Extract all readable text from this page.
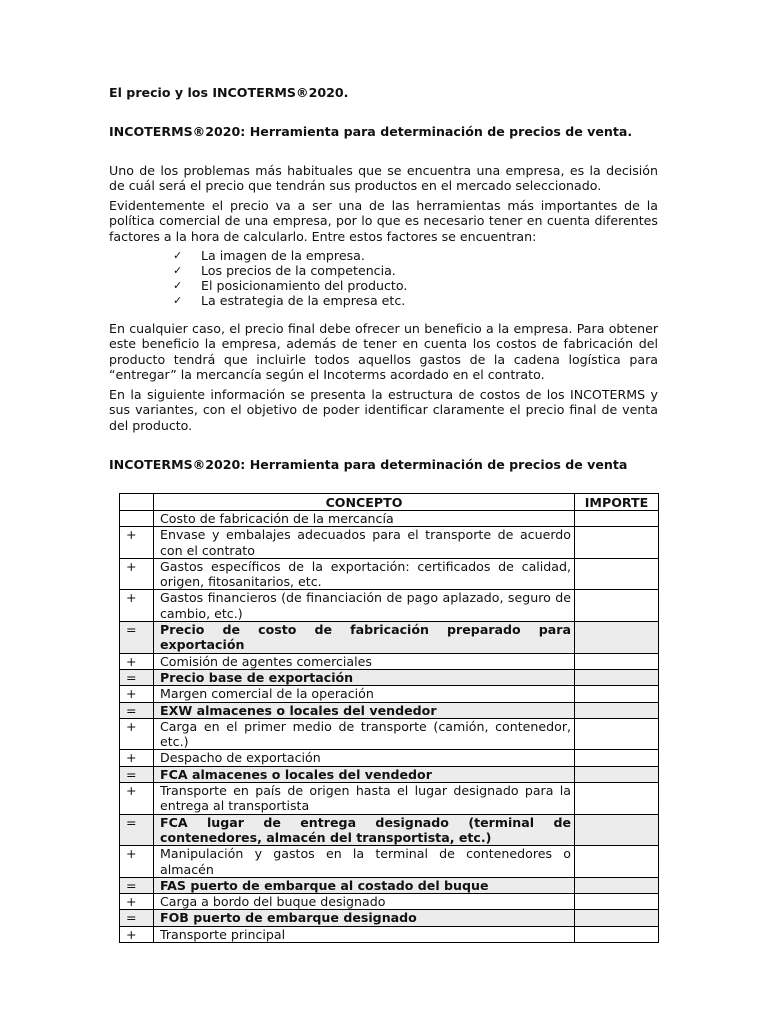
El precio y los INCOTERMS®2020.
INCOTERMS®2020: Herramienta para determinación de precios de venta.
Uno de los problemas más habituales que se encuentra una empresa, es la decisión de cuál será el precio que tendrán sus productos en el mercado seleccionado.
Evidentemente el precio va a ser una de las herramientas más importantes de la política comercial de una empresa, por lo que es necesario tener en cuenta diferentes factores a la hora de calcularlo. Entre estos factores se encuentran:
✓ La imagen de la empresa.
✓ Los precios de la competencia.
✓ El posicionamiento del producto.
✓ La estrategia de la empresa etc.
En cualquier caso, el precio final debe ofrecer un beneficio a la empresa. Para obtener este beneficio la empresa, además de tener en cuenta los costos de fabricación del producto tendrá que incluirle todos aquellos gastos de la cadena logística para “entregar” la mercancía según el Incoterms acordado en el contrato.
En la siguiente información se presenta la estructura de costos de los INCOTERMS y sus variantes, con el objetivo de poder identificar claramente el precio final de venta del producto.
INCOTERMS®2020: Herramienta para determinación de precios de venta
	CONCEPTO	IMPORTE
	Costo de fabricación de la mercancía	
+	Envase y embalajes adecuados para el transporte de acuerdo con el contrato	
+	Gastos específicos de la exportación: certificados de calidad, origen, fitosanitarios, etc.	
+	Gastos financieros (de financiación de pago aplazado, seguro de cambio, etc.)	
=	Precio de costo de fabricación preparado para exportación	
+	Comisión de agentes comerciales	
=	Precio base de exportación	
+	Margen comercial de la operación	
=	EXW almacenes o locales del vendedor	
+	Carga en el primer medio de transporte (camión, contenedor, etc.)	
+	Despacho de exportación	
=	FCA almacenes o locales del vendedor	
+	Transporte en país de origen hasta el lugar designado para la entrega al transportista	
=	FCA lugar de entrega designado (terminal de contenedores, almacén del transportista, etc.)	
+	Manipulación y gastos en la terminal de contenedores o almacén	
=	FAS puerto de embarque al costado del buque	
+	Carga a bordo del buque designado	
=	FOB puerto de embarque designado	
+	Transporte principal	
